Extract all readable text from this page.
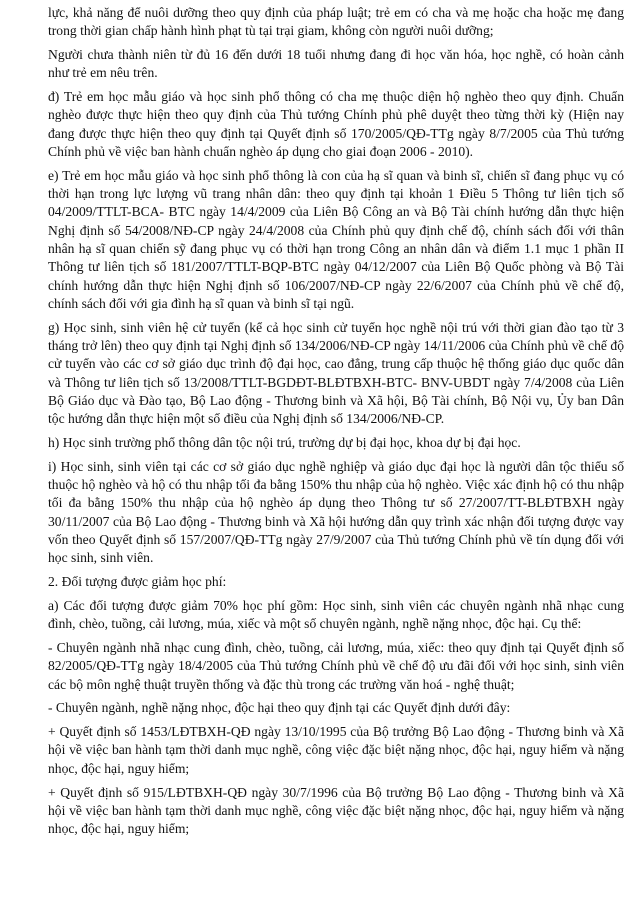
lực, khả năng để nuôi dưỡng theo quy định của pháp luật; trẻ em có cha và mẹ hoặc cha hoặc mẹ đang trong thời gian chấp hành hình phạt tù tại trại giam, không còn người nuôi dưỡng;

Người chưa thành niên từ đủ 16 đến dưới 18 tuổi nhưng đang đi học văn hóa, học nghề, có hoàn cảnh như trẻ em nêu trên.

đ) Trẻ em học mẫu giáo và học sinh phổ thông có cha mẹ thuộc diện hộ nghèo theo quy định. Chuẩn nghèo được thực hiện theo quy định của Thủ tướng Chính phủ phê duyệt theo từng thời kỳ (Hiện nay đang được thực hiện theo quy định tại Quyết định số 170/2005/QĐ-TTg ngày 8/7/2005 của Thủ tướng Chính phủ về việc ban hành chuẩn nghèo áp dụng cho giai đoạn 2006 - 2010).

e) Trẻ em học mẫu giáo và học sinh phổ thông là con của hạ sĩ quan và binh sĩ, chiến sĩ đang phục vụ có thời hạn trong lực lượng vũ trang nhân dân: theo quy định tại khoản 1 Điều 5 Thông tư liên tịch số 04/2009/TTLT-BCA- BTC ngày 14/4/2009 của Liên Bộ Công an và Bộ Tài chính hướng dẫn thực hiện Nghị định số 54/2008/NĐ-CP ngày 24/4/2008 của Chính phủ quy định chế độ, chính sách đối với thân nhân hạ sĩ quan chiến sỹ đang phục vụ có thời hạn trong Công an nhân dân và điểm 1.1 mục 1 phần II Thông tư liên tịch số 181/2007/TTLT-BQP-BTC ngày 04/12/2007 của Liên Bộ Quốc phòng và Bộ Tài chính hướng dẫn thực hiện Nghị định số 106/2007/NĐ-CP ngày 22/6/2007 của Chính phủ về chế độ, chính sách đối với gia đình hạ sĩ quan và binh sĩ tại ngũ.

g) Học sinh, sinh viên hệ cử tuyển (kể cả học sinh cử tuyển học nghề nội trú với thời gian đào tạo từ 3 tháng trở lên) theo quy định tại Nghị định số 134/2006/NĐ-CP ngày 14/11/2006 của Chính phủ về chế độ cử tuyển vào các cơ sở giáo dục trình độ đại học, cao đẳng, trung cấp thuộc hệ thống giáo dục quốc dân và Thông tư liên tịch số 13/2008/TTLT-BGDĐT-BLĐTBXH-BTC- BNV-UBDT ngày 7/4/2008 của Liên Bộ Giáo dục và Đào tạo, Bộ Lao động - Thương binh và Xã hội, Bộ Tài chính, Bộ Nội vụ, Ủy ban Dân tộc hướng dẫn thực hiện một số điều của Nghị định số 134/2006/NĐ-CP.

h) Học sinh trường phổ thông dân tộc nội trú, trường dự bị đại học, khoa dự bị đại học.

i) Học sinh, sinh viên tại các cơ sở giáo dục nghề nghiệp và giáo dục đại học là người dân tộc thiểu số thuộc hộ nghèo và hộ có thu nhập tối đa bằng 150% thu nhập của hộ nghèo. Việc xác định hộ có thu nhập tối đa bằng 150% thu nhập của hộ nghèo áp dụng theo Thông tư số 27/2007/TT-BLĐTBXH ngày 30/11/2007 của Bộ Lao động - Thương binh và Xã hội hướng dẫn quy trình xác nhận đối tượng được vay vốn theo Quyết định số 157/2007/QĐ-TTg ngày 27/9/2007 của Thủ tướng Chính phủ về tín dụng đối với học sinh, sinh viên.

2. Đối tượng được giảm học phí:

a) Các đối tượng được giảm 70% học phí gồm: Học sinh, sinh viên các chuyên ngành nhã nhạc cung đình, chèo, tuồng, cải lương, múa, xiếc và một số chuyên ngành, nghề nặng nhọc, độc hại. Cụ thể:

- Chuyên ngành nhã nhạc cung đình, chèo, tuồng, cải lương, múa, xiếc: theo quy định tại Quyết định số 82/2005/QĐ-TTg ngày 18/4/2005 của Thủ tướng Chính phủ về chế độ ưu đãi đối với học sinh, sinh viên các bộ môn nghệ thuật truyền thống và đặc thù trong các trường văn hoá - nghệ thuật;

- Chuyên ngành, nghề nặng nhọc, độc hại theo quy định tại các Quyết định dưới đây:

+ Quyết định số 1453/LĐTBXH-QĐ ngày 13/10/1995 của Bộ trưởng Bộ Lao động - Thương binh và Xã hội về việc ban hành tạm thời danh mục nghề, công việc đặc biệt nặng nhọc, độc hại, nguy hiểm và nặng nhọc, độc hại, nguy hiểm;

+ Quyết định số 915/LĐTBXH-QĐ ngày 30/7/1996 của Bộ trưởng Bộ Lao động - Thương binh và Xã hội về việc ban hành tạm thời danh mục nghề, công việc đặc biệt nặng nhọc, độc hại, nguy hiểm và nặng nhọc, độc hại, nguy hiểm;
